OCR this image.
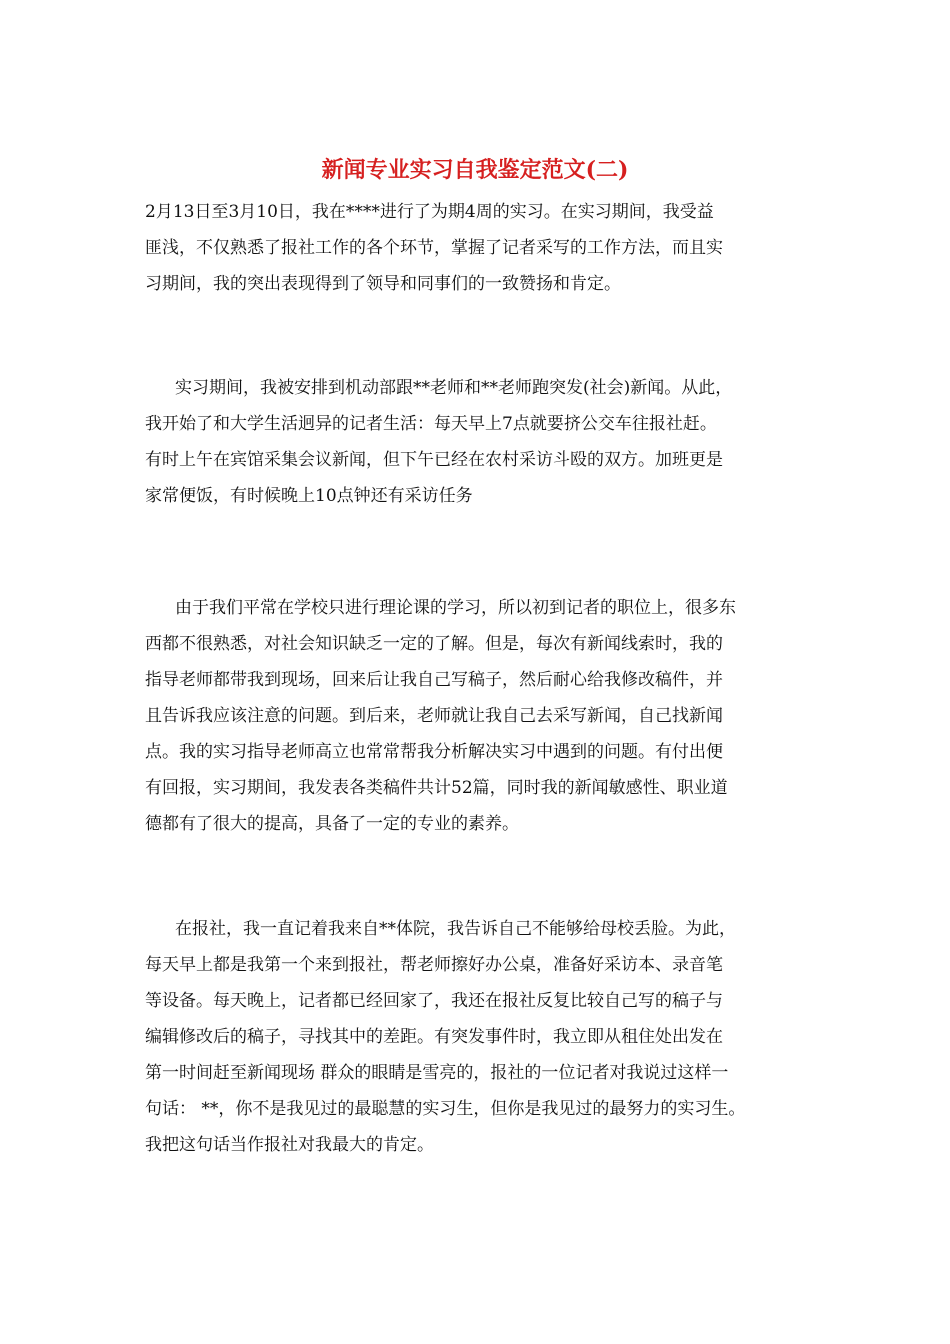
新闻专业实习自我鉴定范文(二)
2月13日至3月10日，我在****进行了为期4周的实习。在实习期间，我受益
匪浅，不仅熟悉了报社工作的各个环节，掌握了记者采写的工作方法，而且实
习期间，我的突出表现得到了领导和同事们的一致赞扬和肯定。
实习期间，我被安排到机动部跟**老师和**老师跑突发(社会)新闻。从此，
我开始了和大学生活迥异的记者生活：每天早上7点就要挤公交车往报社赶。
有时上午在宾馆采集会议新闻，但下午已经在农村采访斗殴的双方。加班更是
家常便饭，有时候晚上10点钟还有采访任务
由于我们平常在学校只进行理论课的学习，所以初到记者的职位上，很多东
西都不很熟悉，对社会知识缺乏一定的了解。但是，每次有新闻线索时，我的
指导老师都带我到现场，回来后让我自己写稿子，然后耐心给我修改稿件，并
且告诉我应该注意的问题。到后来，老师就让我自己去采写新闻，自己找新闻
点。我的实习指导老师高立也常常帮我分析解决实习中遇到的问题。有付出便
有回报，实习期间，我发表各类稿件共计52篇，同时我的新闻敏感性、职业道
德都有了很大的提高，具备了一定的专业的素养。
在报社，我一直记着我来自**体院，我告诉自己不能够给母校丢脸。为此，
每天早上都是我第一个来到报社，帮老师擦好办公桌，准备好采访本、录音笔
等设备。每天晚上，记者都已经回家了，我还在报社反复比较自己写的稿子与
编辑修改后的稿子，寻找其中的差距。有突发事件时，我立即从租住处出发在
第一时间赶至新闻现场 群众的眼睛是雪亮的，报社的一位记者对我说过这样一
句话： **，你不是我见过的最聪慧的实习生，但你是我见过的最努力的实习生。
我把这句话当作报社对我最大的肯定。
